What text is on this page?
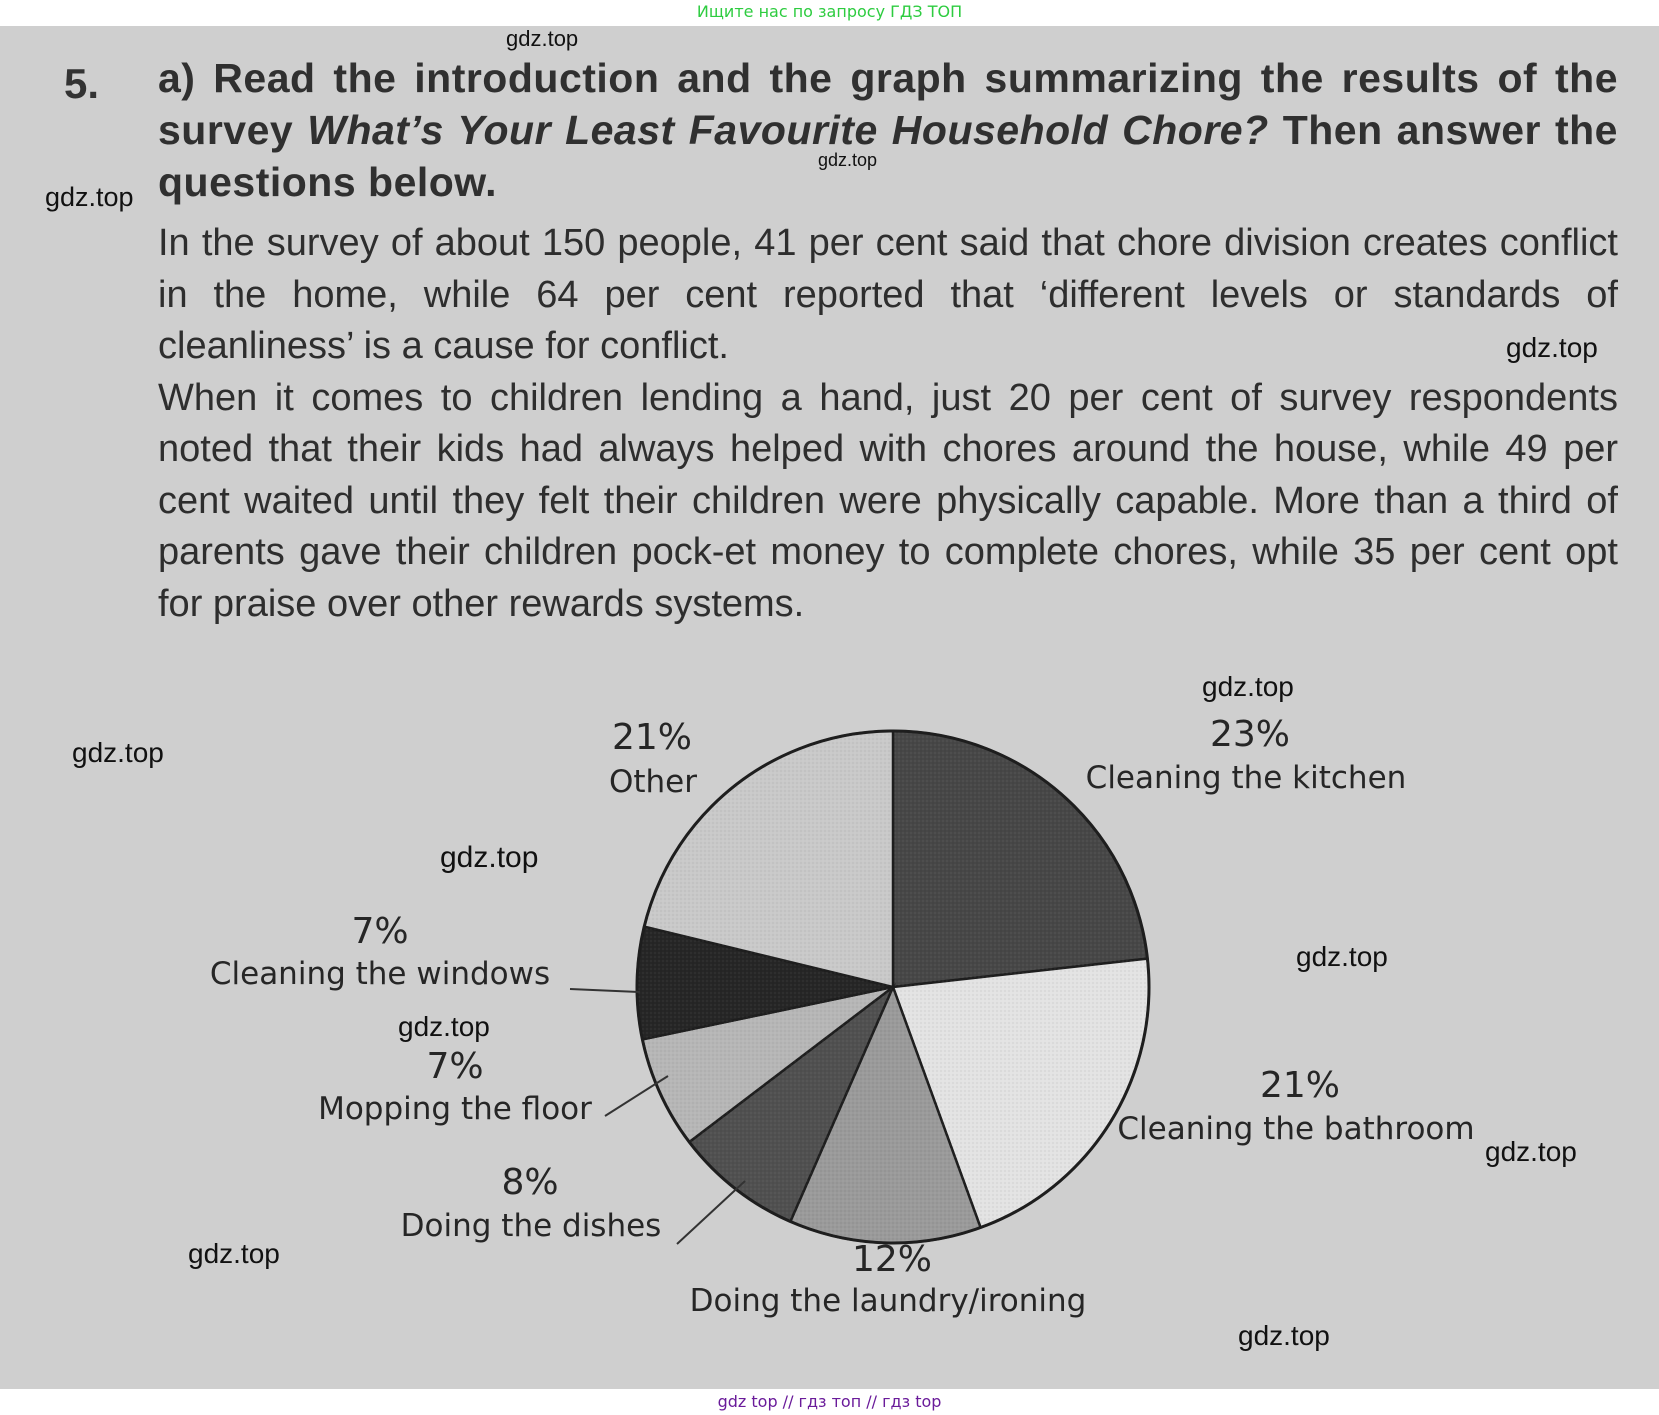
Ищите нас по запросу ГДЗ ТОП
5. a) Read the introduction and the graph summarizing the results of the survey What’s Your Least Favourite Household Chore? Then answer the questions below.

In the survey of about 150 people, 41 per cent said that chore division creates conflict in the home, while 64 per cent reported that ‘different levels or standards of cleanliness’ is a cause for conflict.

When it comes to children lending a hand, just 20 per cent of survey respondents noted that their kids had always helped with chores around the house, while 49 per cent waited until they felt their children were physically capable. More than a third of parents gave their children pock-et money to complete chores, while 35 per cent opt for praise over other rewards systems.

23%
Cleaning the kitchen
21%
Cleaning the bathroom
12%
Doing the laundry/ironing
8%
Doing the dishes
7%
Mopping the floor
7%
Cleaning the windows
21%
Other
gdz.top
gdz.top
gdz.top
gdz.top
gdz.top
gdz.top
gdz.top
gdz.top
gdz.top
gdz.top
gdz.top
gdz.top
gdz top // гдз топ // гдз top
